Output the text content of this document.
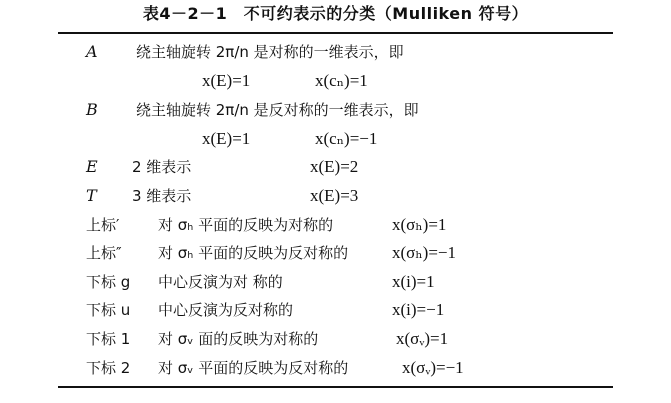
表4－2－1　不可约表示的分类（Mulliken 符号）
A	绕主轴旋转 2π/n 是对称的一维表示，即
x(E)=1	x(cₙ)=1
B	绕主轴旋转 2π/n 是反对称的一维表示，即
x(E)=1	x(cₙ)=−1
E 2 维表示	x(E)=2
T 3 维表示	x(E)=3
上标′	对 σₕ 平面的反映为对称的	x(σₕ)=1
上标″ 对 σₕ 平面的反映为反对称的	x(σₕ)=−1
下标 g 中心反演为对 称的	x(i)=1
下标 u 中心反演为反对称的	x(i)=−1
下标 1 对 σᵥ 面的反映为对称的	x(σᵥ)=1
下标 2 对 σᵥ 平面的反映为反对称的	x(σᵥ)=−1
